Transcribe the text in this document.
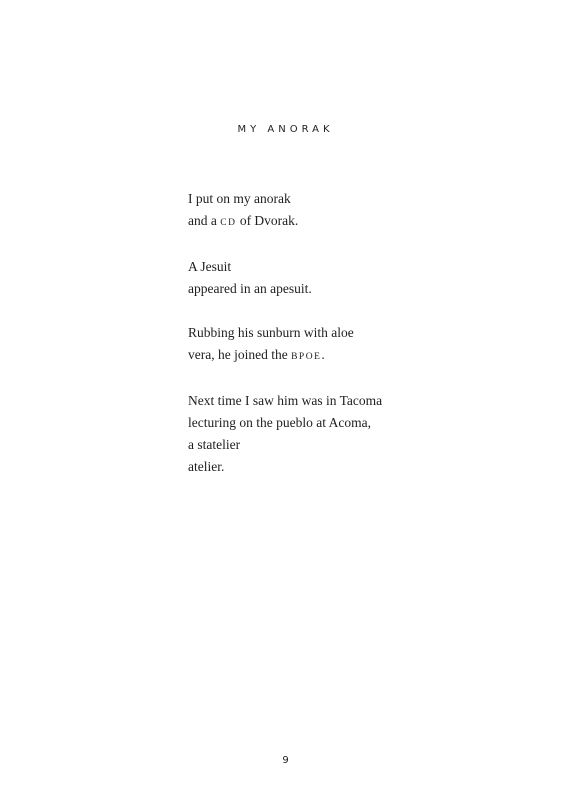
MY ANORAK
I put on my anorak
and a CD of Dvorak.
A Jesuit
appeared in an apesuit.
Rubbing his sunburn with aloe
vera, he joined the BPOE.
Next time I saw him was in Tacoma
lecturing on the pueblo at Acoma,
a statelier
atelier.
9
